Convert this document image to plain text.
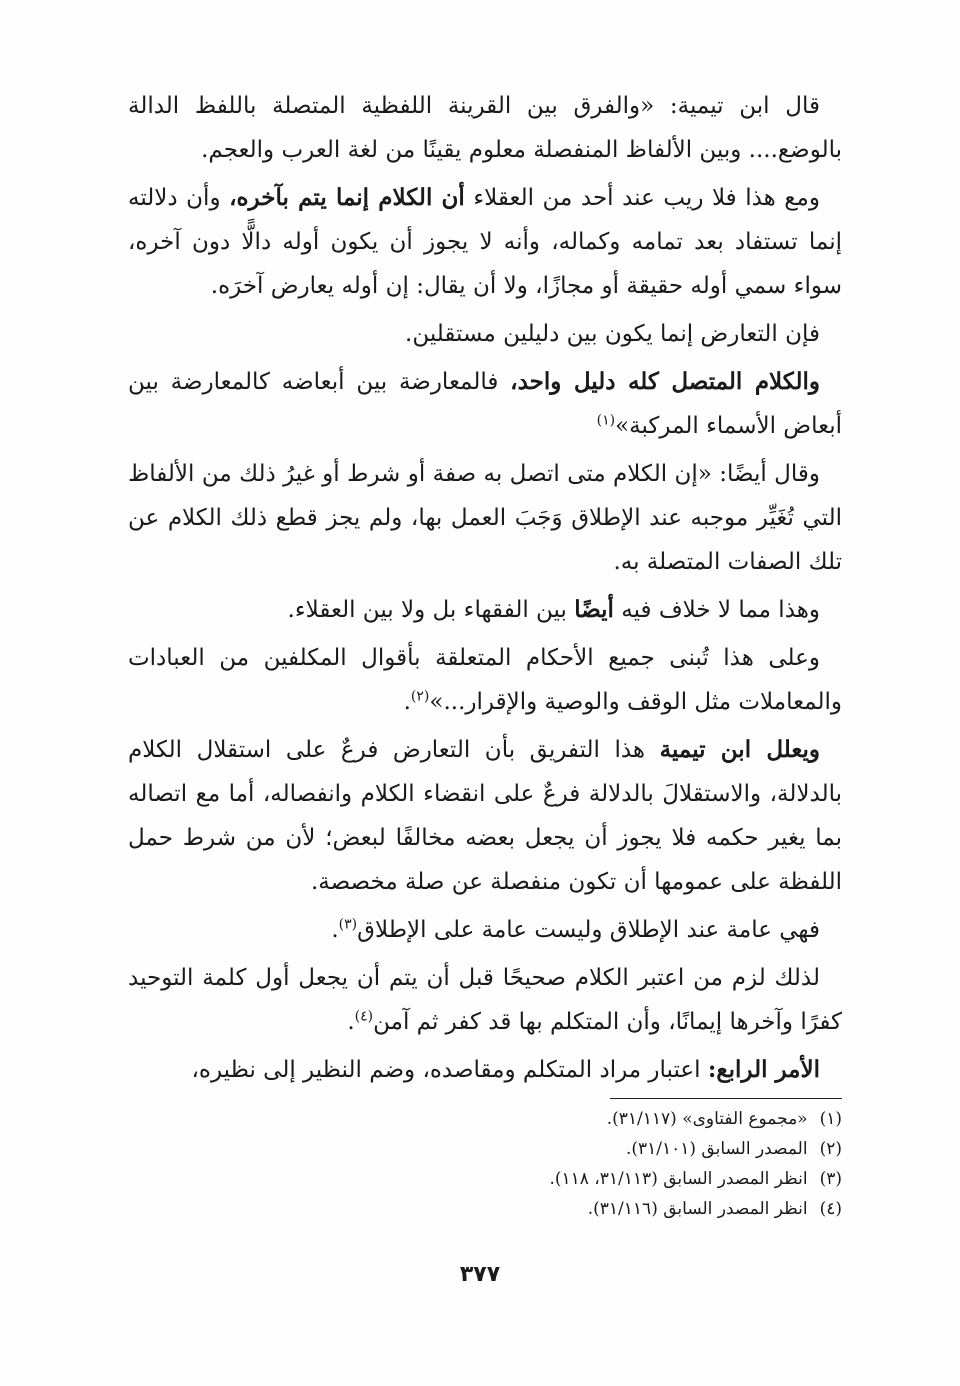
قال ابن تيمية: «والفرق بين القرينة اللفظية المتصلة باللفظ الدالة بالوضع.... وبين الألفاظ المنفصلة معلوم يقينًا من لغة العرب والعجم.

ومع هذا فلا ريب عند أحد من العقلاء أن الكلام إنما يتم بآخره، وأن دلالته إنما تستفاد بعد تمامه وكماله، وأنه لا يجوز أن يكون أوله دالًّا دون آخره، سواء سمي أوله حقيقة أو مجازًا، ولا أن يقال: إن أوله يعارض آخرَه.

فإن التعارض إنما يكون بين دليلين مستقلين.

والكلام المتصل كله دليل واحد، فالمعارضة بين أبعاضه كالمعارضة بين أبعاض الأسماء المركبة»$^{(١)}$

وقال أيضًا: «إن الكلام متى اتصل به صفة أو شرط أو غيرُ ذلك من الألفاظ التي تُغَيِّر موجبه عند الإطلاق وَجَبَ العمل بها، ولم يجز قطع ذلك الكلام عن تلك الصفات المتصلة به.

وهذا مما لا خلاف فيه أيضًا بين الفقهاء بل ولا بين العقلاء.

وعلى هذا تُبنى جميع الأحكام المتعلقة بأقوال المكلفين من العبادات والمعاملات مثل الوقف والوصية والإقرار...»$^{(٢)}$.

ويعلل ابن تيمية هذا التفريق بأن التعارض فرعٌ على استقلال الكلام بالدلالة، والاستقلالَ بالدلالة فرعٌ على انقضاء الكلام وانفصاله، أما مع اتصاله بما يغير حكمه فلا يجوز أن يجعل بعضه مخالفًا لبعض؛ لأن من شرط حمل اللفظة على عمومها أن تكون منفصلة عن صلة مخصصة.

فهي عامة عند الإطلاق وليست عامة على الإطلاق$^{(٣)}$.

لذلك لزم من اعتبر الكلام صحيحًا قبل أن يتم أن يجعل أول كلمة التوحيد كفرًا وآخرها إيمانًا، وأن المتكلم بها قد كفر ثم آمن$^{(٤)}$.

الأمر الرابع: اعتبار مراد المتكلم ومقاصده، وضم النظير إلى نظيره،

(١)«مجموع الفتاوى» (٣١/١١٧).
(٢)المصدر السابق (٣١/١٠١).
(٣)انظر المصدر السابق (٣١/١١٣، ١١٨).
(٤)انظر المصدر السابق (٣١/١١٦).
٣٧٧
